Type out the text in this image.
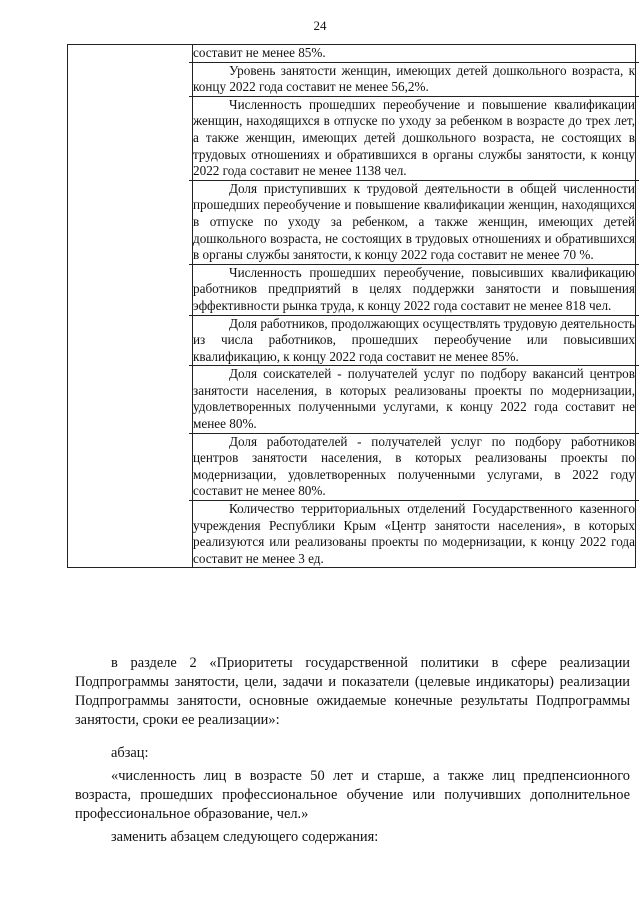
24

составит не менее 85%.

Уровень занятости женщин, имеющих детей дошкольного возраста, к концу 2022 года составит не менее 56,2%.

Численность прошедших переобучение и повышение квалификации женщин, находящихся в отпуске по уходу за ребенком в возрасте до трех лет, а также женщин, имеющих детей дошкольного возраста, не состоящих в трудовых отношениях и обратившихся в органы службы занятости, к концу 2022 года составит не менее 1138 чел.

Доля приступивших к трудовой деятельности в общей численности прошедших переобучение и повышение квалификации женщин, находящихся в отпуске по уходу за ребенком, а также женщин, имеющих детей дошкольного возраста, не состоящих в трудовых отношениях и обратившихся в органы службы занятости, к концу 2022 года составит не менее 70 %.

Численность прошедших переобучение, повысивших квалификацию работников предприятий в целях поддержки занятости и повышения эффективности рынка труда, к концу 2022 года составит не менее 818 чел.

Доля работников, продолжающих осуществлять трудовую деятельность из числа работников, прошедших переобучение или повысивших квалификацию, к концу 2022 года составит не менее 85%.

Доля соискателей - получателей услуг по подбору вакансий центров занятости населения, в которых реализованы проекты по модернизации, удовлетворенных полученными услугами, к концу 2022 года составит не менее 80%.

Доля работодателей - получателей услуг по подбору работников центров занятости населения, в которых реализованы проекты по модернизации, удовлетворенных полученными услугами, в 2022 году составит не менее 80%.

Количество территориальных отделений Государственного казенного учреждения Республики Крым «Центр занятости населения», в которых реализуются или реализованы проекты по модернизации, к концу 2022 года составит не менее 3 ед.

в разделе 2 «Приоритеты государственной политики в сфере реализации Подпрограммы занятости, цели, задачи и показатели (целевые индикаторы) реализации Подпрограммы занятости, основные ожидаемые конечные результаты Подпрограммы занятости, сроки ее реализации»:

абзац:

«численность лиц в возрасте 50 лет и старше, а также лиц предпенсионного возраста, прошедших профессиональное обучение или получивших дополнительное профессиональное образование, чел.»

заменить абзацем следующего содержания:
